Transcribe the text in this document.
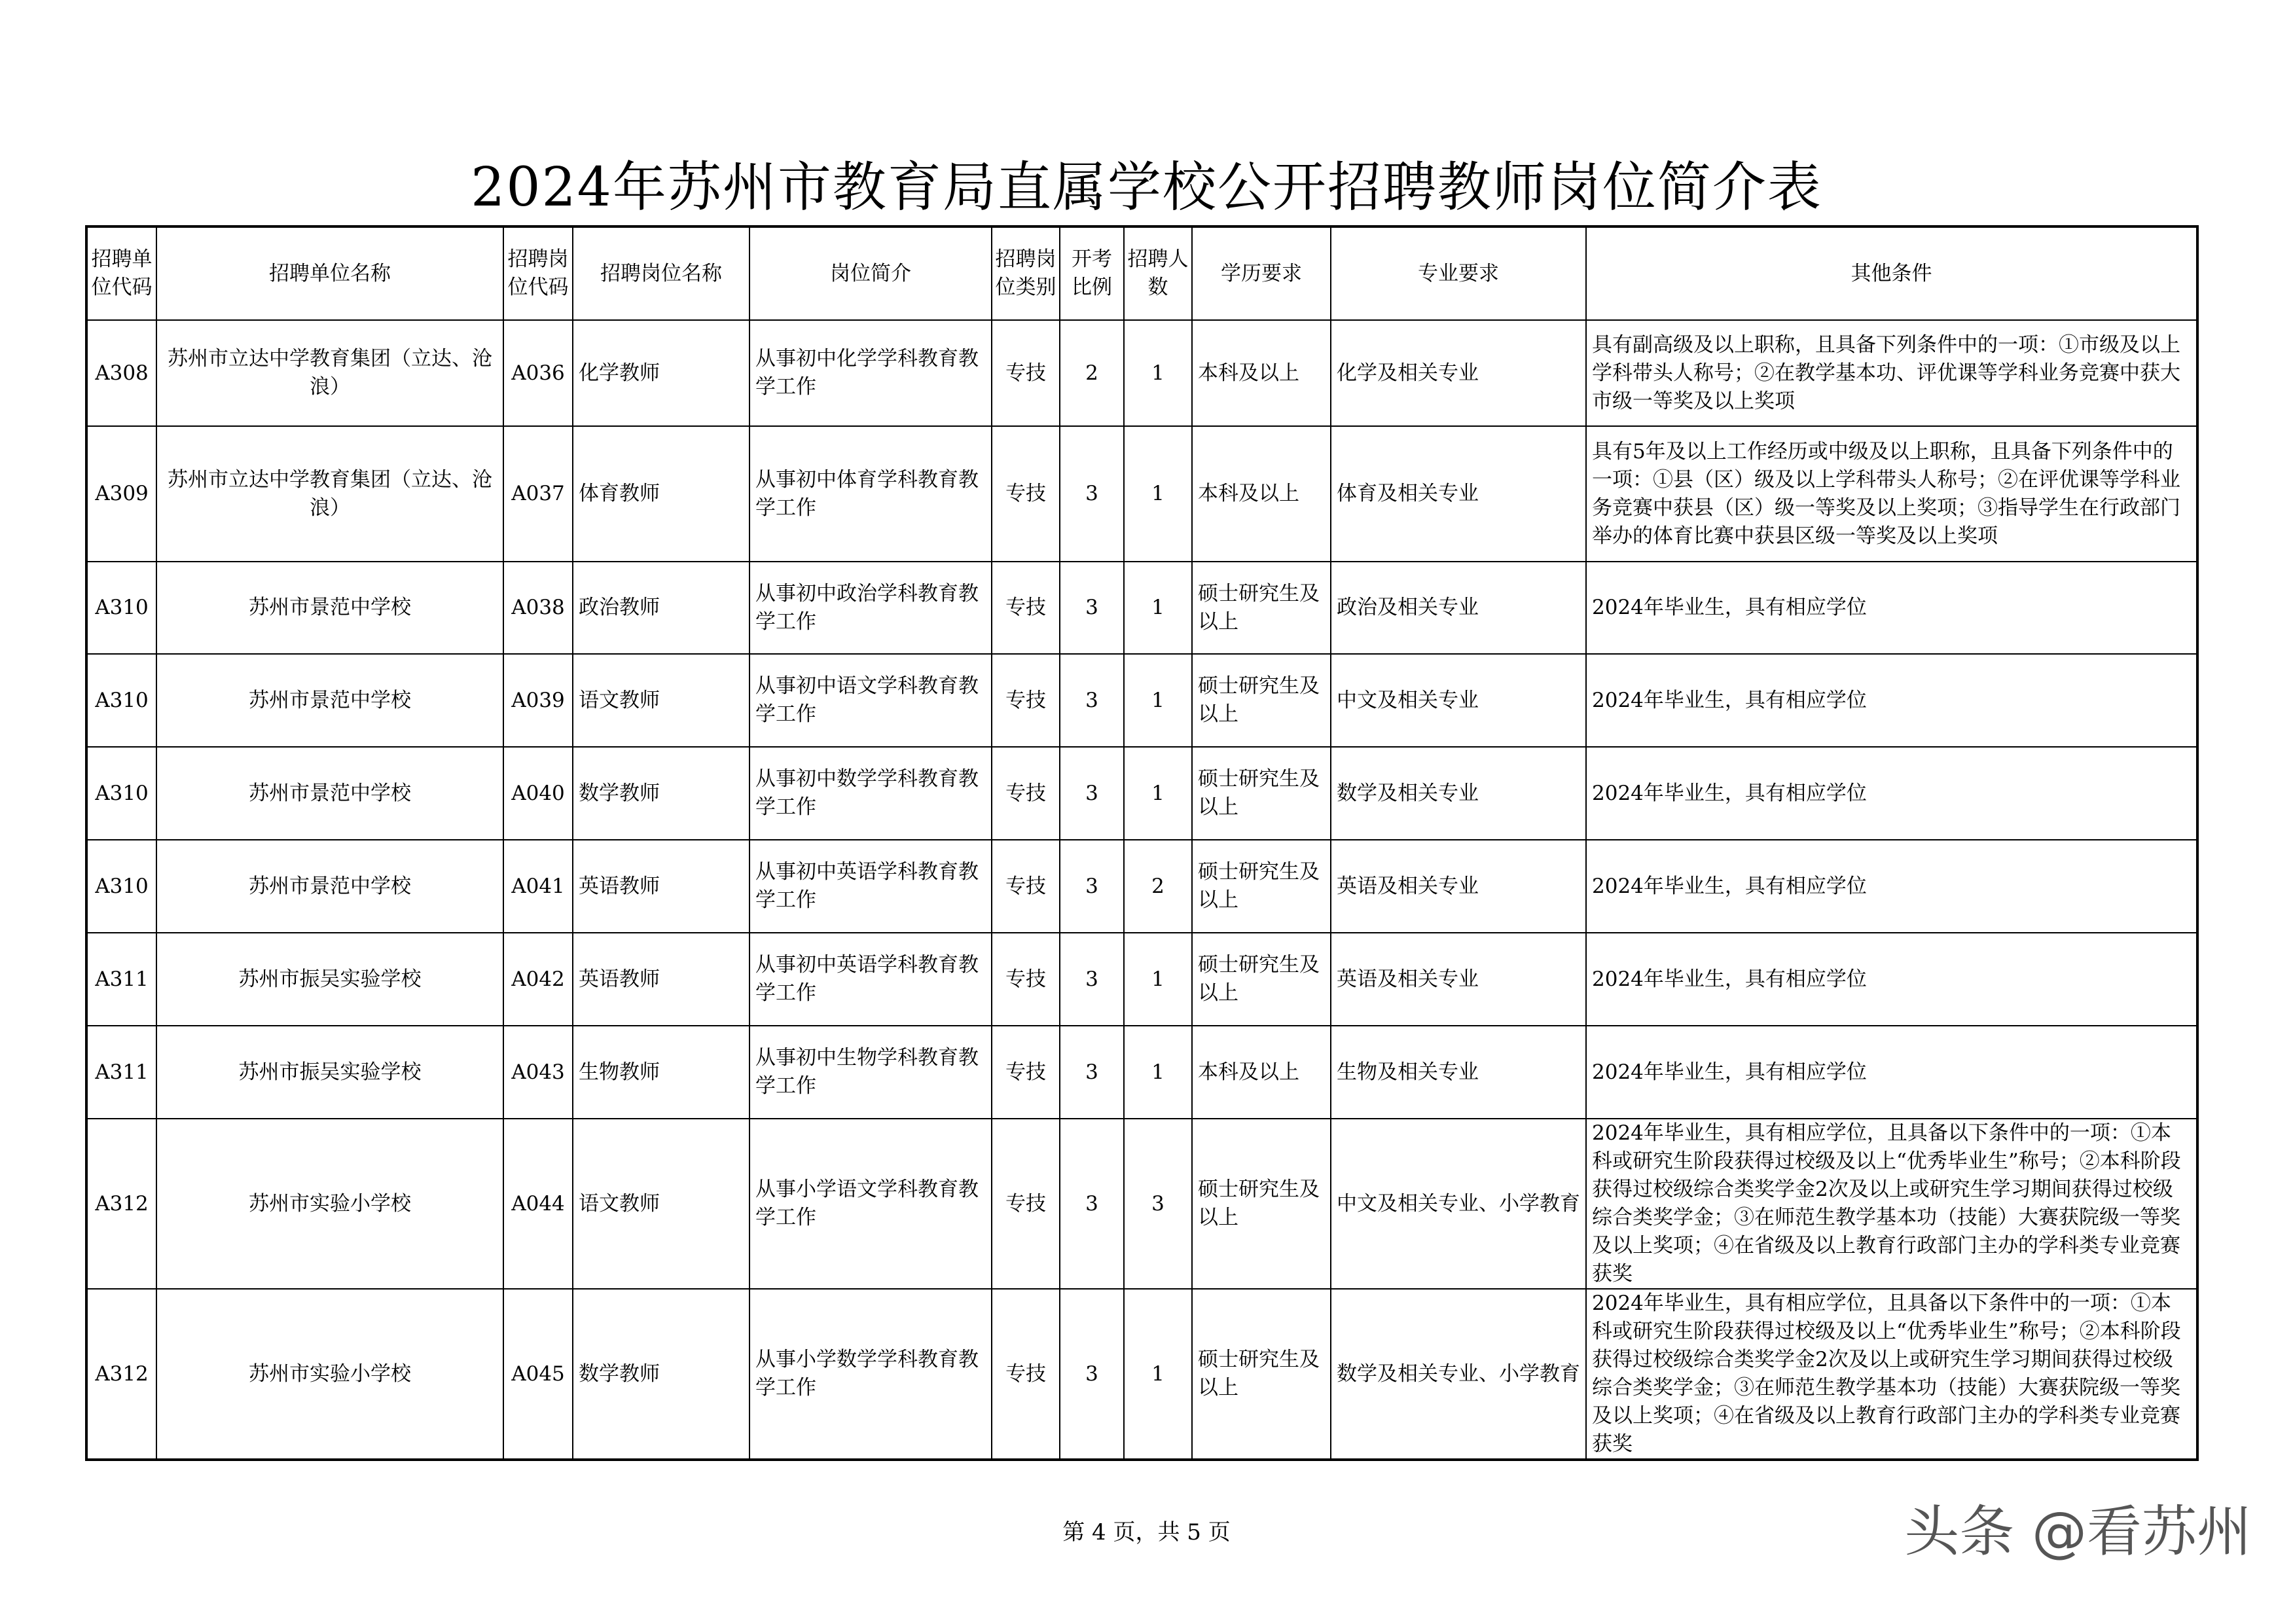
2024年苏州市教育局直属学校公开招聘教师岗位简介表
招聘单位代码	招聘单位名称	招聘岗位代码	招聘岗位名称	岗位简介	招聘岗位类别	开考比例	招聘人数	学历要求	专业要求	其他条件
A308	苏州市立达中学教育集团（立达、沧浪）	A036	化学教师	从事初中化学学科教育教学工作	专技	2	1	本科及以上	化学及相关专业	具有副高级及以上职称，且具备下列条件中的一项：①市级及以上学科带头人称号；②在教学基本功、评优课等学科业务竞赛中获大市级一等奖及以上奖项
A309	苏州市立达中学教育集团（立达、沧浪）	A037	体育教师	从事初中体育学科教育教学工作	专技	3	1	本科及以上	体育及相关专业	具有5年及以上工作经历或中级及以上职称，且具备下列条件中的一项：①县（区）级及以上学科带头人称号；②在评优课等学科业务竞赛中获县（区）级一等奖及以上奖项；③指导学生在行政部门举办的体育比赛中获县区级一等奖及以上奖项
A310	苏州市景范中学校	A038	政治教师	从事初中政治学科教育教学工作	专技	3	1	硕士研究生及以上	政治及相关专业	2024年毕业生，具有相应学位
A310	苏州市景范中学校	A039	语文教师	从事初中语文学科教育教学工作	专技	3	1	硕士研究生及以上	中文及相关专业	2024年毕业生，具有相应学位
A310	苏州市景范中学校	A040	数学教师	从事初中数学学科教育教学工作	专技	3	1	硕士研究生及以上	数学及相关专业	2024年毕业生，具有相应学位
A310	苏州市景范中学校	A041	英语教师	从事初中英语学科教育教学工作	专技	3	2	硕士研究生及以上	英语及相关专业	2024年毕业生，具有相应学位
A311	苏州市振吴实验学校	A042	英语教师	从事初中英语学科教育教学工作	专技	3	1	硕士研究生及以上	英语及相关专业	2024年毕业生，具有相应学位
A311	苏州市振吴实验学校	A043	生物教师	从事初中生物学科教育教学工作	专技	3	1	本科及以上	生物及相关专业	2024年毕业生，具有相应学位
A312	苏州市实验小学校	A044	语文教师	从事小学语文学科教育教学工作	专技	3	3	硕士研究生及以上	中文及相关专业、小学教育	2024年毕业生，具有相应学位，且具备以下条件中的一项：①本科或研究生阶段获得过校级及以上“优秀毕业生”称号；②本科阶段获得过校级综合类奖学金2次及以上或研究生学习期间获得过校级综合类奖学金；③在师范生教学基本功（技能）大赛获院级一等奖及以上奖项；④在省级及以上教育行政部门主办的学科类专业竞赛获奖
A312	苏州市实验小学校	A045	数学教师	从事小学数学学科教育教学工作	专技	3	1	硕士研究生及以上	数学及相关专业、小学教育	2024年毕业生，具有相应学位，且具备以下条件中的一项：①本科或研究生阶段获得过校级及以上“优秀毕业生”称号；②本科阶段获得过校级综合类奖学金2次及以上或研究生学习期间获得过校级综合类奖学金；③在师范生教学基本功（技能）大赛获院级一等奖及以上奖项；④在省级及以上教育行政部门主办的学科类专业竞赛获奖
第 4 页，共 5 页	头条 @看苏州
